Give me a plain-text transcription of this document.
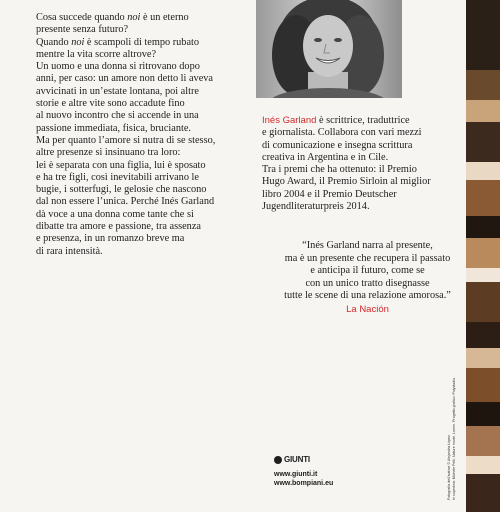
Cosa succede quando noi è un eterno

presente senza futuro?

Quando noi è scampoli di tempo rubato

mentre la vita scorre altrove?

Un uomo e una donna si ritrovano dopo

anni, per caso: un amore non detto li aveva

avvicinati in un’estate lontana, poi altre

storie e altre vite sono accadute fino

al nuovo incontro che si accende in una

passione immediata, fisica, bruciante.

Ma per quanto l’amore si nutra di se stesso,

altre presenze si insinuano tra loro:

lei è separata con una figlia, lui è sposato

e ha tre figli, così inevitabili arrivano le

bugie, i sotterfugi, le gelosie che nascono

dal non essere l’unica. Perché Inés Garland

dà voce a una donna come tante che si

dibatte tra amore e passione, tra assenza

e presenza, in un romanzo breve ma

di rara intensità.

Inés Garland è scrittrice, traduttrice

e giornalista. Collabora con vari mezzi

di comunicazione e insegna scrittura

creativa in Argentina e in Cile.

Tra i premi che ha ottenuto: il Premio

Hugo Award, il Premio Sirloin al miglior

libro 2004 e il Premio Deutscher

Jugendliteraturpreis 2014.

“Inés Garland narra al presente,
ma è un presente che recupera il passato
e anticipa il futuro, come se
con un unico tratto disegnasse
tutte le scene di una relazione amorosa.”
La Nación
GIUNTI
www.giunti.it
www.bompiani.eu	Fotografia dell’autrice © Alejandra López. In copertina: Michele Pelli, Nature morte, Lorem. Progetto grafico: Polystudio.
